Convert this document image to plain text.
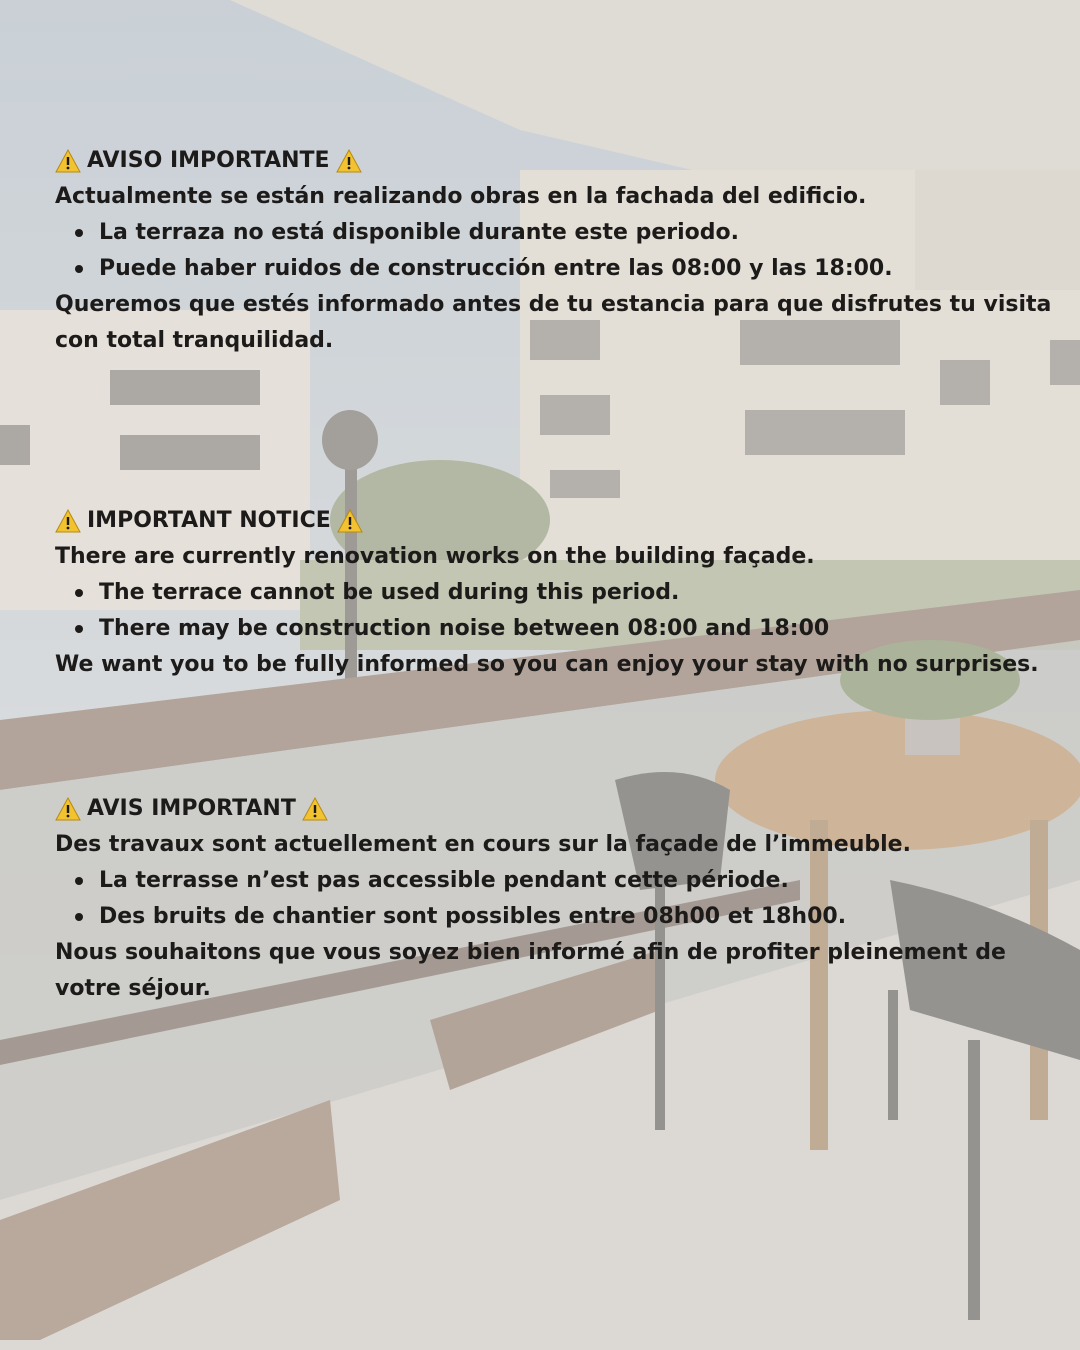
AVISO IMPORTANTE

Actualmente se están realizando obras en la fachada del edificio.

La terraza no está disponible durante este periodo.
Puede haber ruidos de construcción entre las 08:00 y las 18:00.

Queremos que estés informado antes de tu estancia para que disfrutes tu visita con total tranquilidad.

IMPORTANT NOTICE

There are currently renovation works on the building façade.

The terrace cannot be used during this period.
There may be construction noise between 08:00 and 18:00

We want you to be fully informed so you can enjoy your stay with no surprises.

AVIS IMPORTANT

Des travaux sont actuellement en cours sur la façade de l’immeuble.

La terrasse n’est pas accessible pendant cette période.
Des bruits de chantier sont possibles entre 08h00 et 18h00.

Nous souhaitons que vous soyez bien informé afin de profiter pleinement de votre séjour.
